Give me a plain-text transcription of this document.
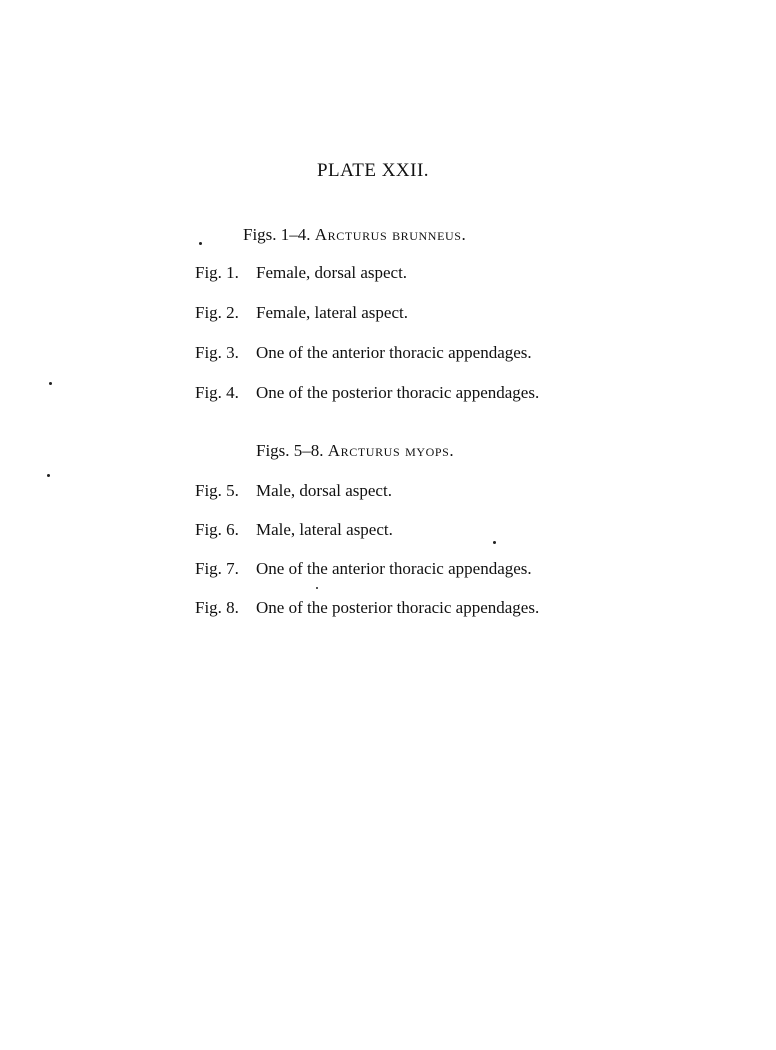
PLATE XXII.
Figs. 1–4. Arcturus brunneus.
Fig. 1. Female, dorsal aspect.
Fig. 2. Female, lateral aspect.
Fig. 3. One of the anterior thoracic appendages.
Fig. 4. One of the posterior thoracic appendages.
Figs. 5–8. Arcturus myops.
Fig. 5. Male, dorsal aspect.
Fig. 6. Male, lateral aspect.
Fig. 7. One of the anterior thoracic appendages.
Fig. 8. One of the posterior thoracic appendages.
